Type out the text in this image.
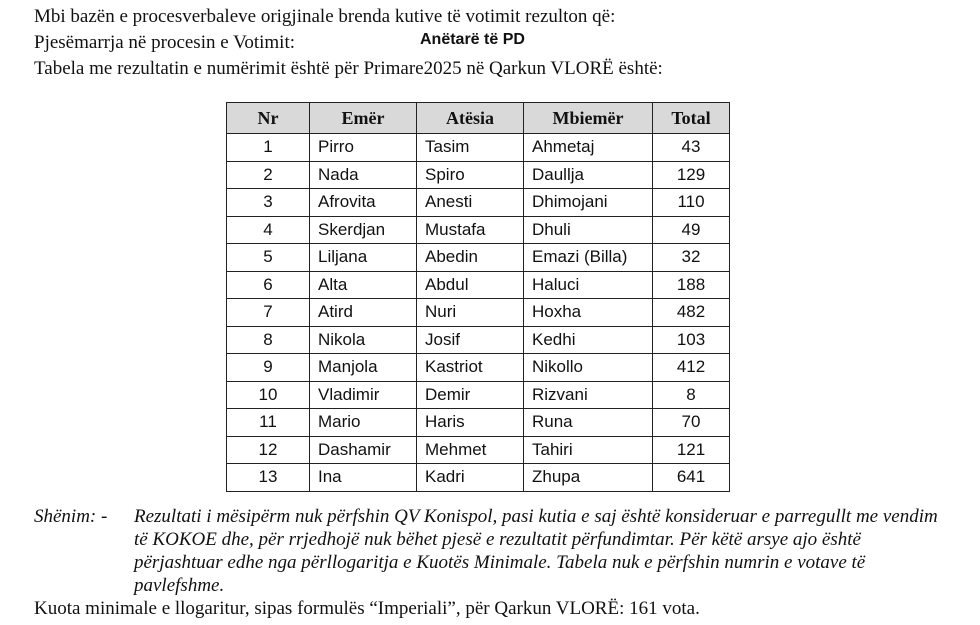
Mbi bazën e procesverbaleve origjinale brenda kutive të votimit rezulton që:
Pjesëmarrja në procesin e Votimit:	Anëtarë të PD
Tabela me rezultatin e numërimit është për Primare2025 në Qarkun VLORË është:
Nr	Emër	Atësia	Mbiemër	Total
1	Pirro	Tasim	Ahmetaj	43
2	Nada	Spiro	Daullja	129
3	Afrovita	Anesti	Dhimojani	110
4	Skerdjan	Mustafa	Dhuli	49
5	Liljana	Abedin	Emazi (Billa)	32
6	Alta	Abdul	Haluci	188
7	Atird	Nuri	Hoxha	482
8	Nikola	Josif	Kedhi	103
9	Manjola	Kastriot	Nikollo	412
10	Vladimir	Demir	Rizvani	8
11	Mario	Haris	Runa	70
12	Dashamir	Mehmet	Tahiri	121
13	Ina	Kadri	Zhupa	641
Shënim: - Rezultati i mësipërm nuk përfshin QV Konispol, pasi kutia e saj është konsideruar e parregullt me vendim të KOKOE dhe, për rrjedhojë nuk bëhet pjesë e rezultatit përfundimtar. Për këtë arsye ajo është përjashtuar edhe nga përllogaritja e Kuotës Minimale. Tabela nuk e përfshin numrin e votave të pavlefshme.
Kuota minimale e llogaritur, sipas formulës “Imperiali”, për Qarkun VLORË: 161 vota.
